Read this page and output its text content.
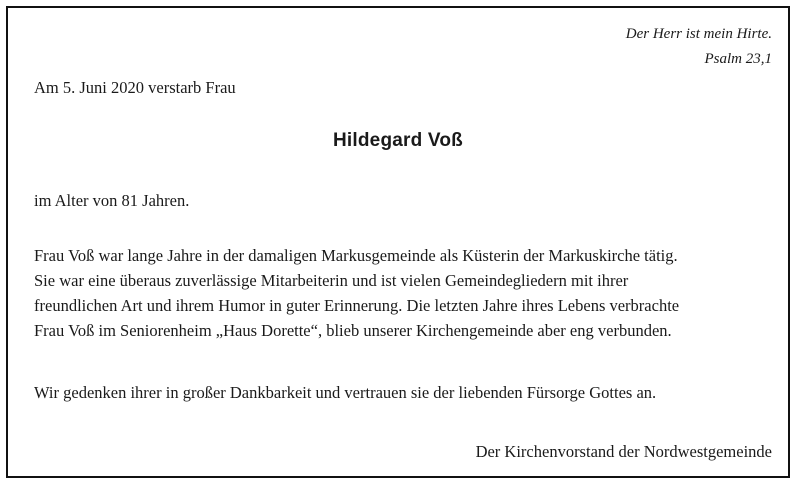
Der Herr ist mein Hirte.
Psalm 23,1
Am 5. Juni 2020 verstarb Frau
Hildegard Voß
im Alter von 81 Jahren.
Frau Voß war lange Jahre in der damaligen Markusgemeinde als Küsterin der Markuskirche tätig.
Sie war eine überaus zuverlässige Mitarbeiterin und ist vielen Gemeindegliedern mit ihrer
freundlichen Art und ihrem Humor in guter Erinnerung. Die letzten Jahre ihres Lebens verbrachte
Frau Voß im Seniorenheim „Haus Dorette“, blieb unserer Kirchengemeinde aber eng verbunden.
Wir gedenken ihrer in großer Dankbarkeit und vertrauen sie der liebenden Fürsorge Gottes an.
Der Kirchenvorstand der Nordwestgemeinde
